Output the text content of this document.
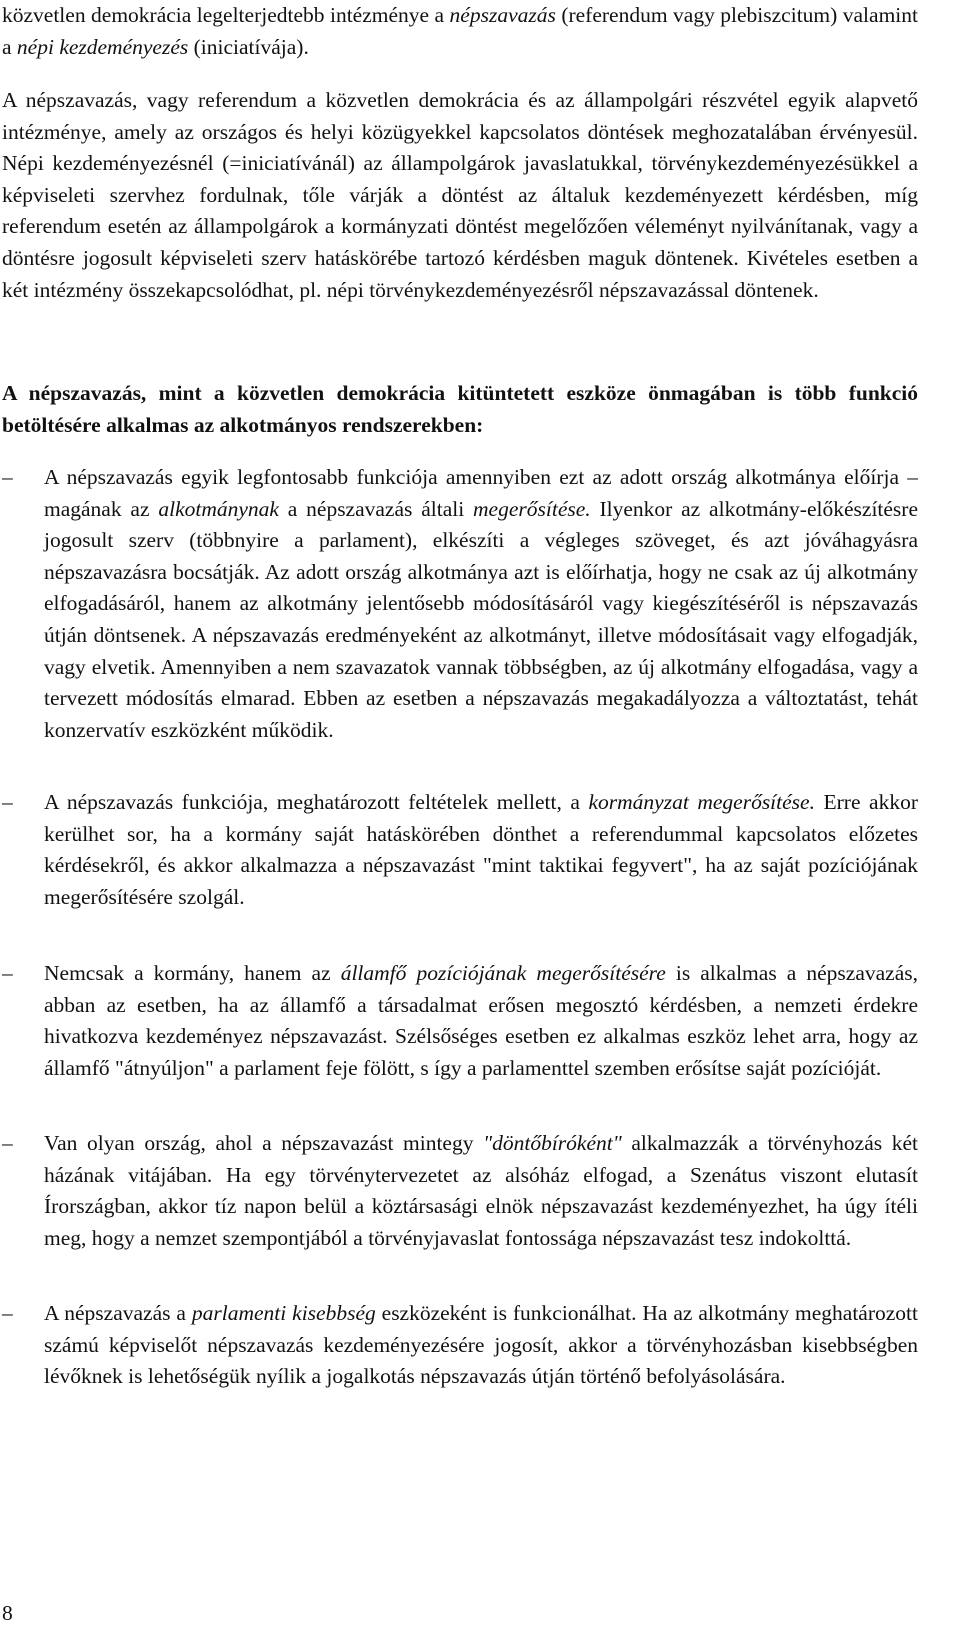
közvetlen demokrácia legelterjedtebb intézménye a népszavazás (referendum vagy plebiszcitum) valamint a népi kezdeményezés (iniciatívája).

A népszavazás, vagy referendum a közvetlen demokrácia és az állampolgári részvétel egyik alapvető intézménye, amely az országos és helyi közügyekkel kapcsolatos döntések meghozatalában érvényesül. Népi kezdeményezésnél (=iniciatívánál) az állampolgárok javaslatukkal, törvénykezdeményezésükkel a képviseleti szervhez fordulnak, tőle várják a döntést az általuk kezdeményezett kérdésben, míg referendum esetén az állampolgárok a kormányzati döntést megelőzően véleményt nyilvánítanak, vagy a döntésre jogosult képviseleti szerv hatáskörébe tartozó kérdésben maguk döntenek. Kivételes esetben a két intézmény összekapcsolódhat, pl. népi törvénykezdeményezésről népszavazással döntenek.

A népszavazás, mint a közvetlen demokrácia kitüntetett eszköze önmagában is több funkció betöltésére alkalmas az alkotmányos rendszerekben:

–	A népszavazás egyik legfontosabb funkciója amennyiben ezt az adott ország alkotmánya előírja – magának az alkotmánynak a népszavazás általi megerősítése. Ilyenkor az alkotmány-előkészítésre jogosult szerv (többnyire a parlament), elkészíti a végleges szöveget, és azt jóváhagyásra népszavazásra bocsátják. Az adott ország alkotmánya azt is előírhatja, hogy ne csak az új alkotmány elfogadásáról, hanem az alkotmány jelentősebb módosításáról vagy kiegészítéséről is népszavazás útján döntsenek. A népszavazás eredményeként az alkotmányt, illetve módosításait vagy elfogadják, vagy elvetik. Amennyiben a nem szavazatok vannak többségben, az új alkotmány elfogadása, vagy a tervezett módosítás elmarad. Ebben az esetben a népszavazás megakadályozza a változtatást, tehát konzervatív eszközként működik.

–	A népszavazás funkciója, meghatározott feltételek mellett, a kormányzat megerősítése. Erre akkor kerülhet sor, ha a kormány saját hatáskörében dönthet a referendummal kapcsolatos előzetes kérdésekről, és akkor alkalmazza a népszavazást "mint taktikai fegyvert", ha az saját pozíciójának megerősítésére szolgál.

–	Nemcsak a kormány, hanem az államfő pozíciójának megerősítésére is alkalmas a népszavazás, abban az esetben, ha az államfő a társadalmat erősen megosztó kérdésben, a nemzeti érdekre hivatkozva kezdeményez népszavazást. Szélsőséges esetben ez alkalmas eszköz lehet arra, hogy az államfő "átnyúljon" a parlament feje fölött, s így a parlamenttel szemben erősítse saját pozícióját.

–	Van olyan ország, ahol a népszavazást mintegy "döntőbíróként" alkalmazzák a törvényhozás két házának vitájában. Ha egy törvénytervezetet az alsóház elfogad, a Szenátus viszont elutasít Írországban, akkor tíz napon belül a köztársasági elnök népszavazást kezdeményezhet, ha úgy ítéli meg, hogy a nemzet szempontjából a törvényjavaslat fontossága népszavazást tesz indokolttá.

–	A népszavazás a parlamenti kisebbség eszközeként is funkcionálhat. Ha az alkotmány meghatározott számú képviselőt népszavazás kezdeményezésére jogosít, akkor a törvényhozásban kisebbségben lévőknek is lehetőségük nyílik a jogalkotás népszavazás útján történő befolyásolására.

8
